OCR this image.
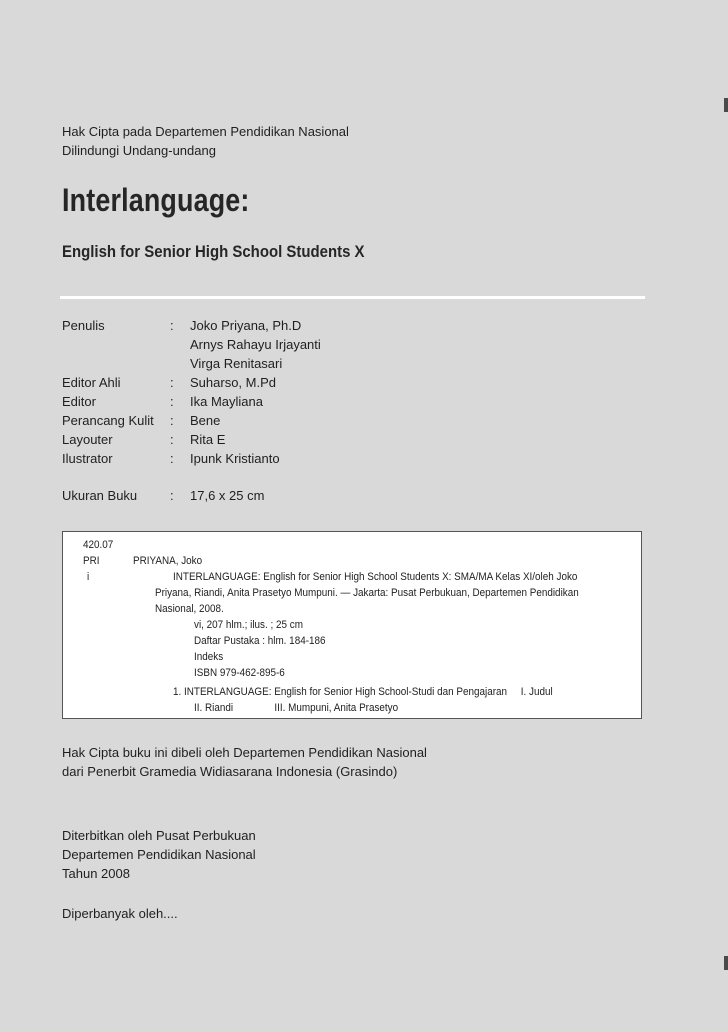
Hak Cipta pada Departemen Pendidikan Nasional
Dilindungi Undang-undang
Interlanguage:
English for Senior High School Students X
Penulis	:	Joko Priyana, Ph.D
Arnys Rahayu Irjayanti
Virga Renitasari
Editor Ahli	:	Suharso, M.Pd
Editor	:	Ika Mayliana
Perancang Kulit	:	Bene
Layouter	:	Rita E
Ilustrator	:	Ipunk Kristianto
Ukuran Buku	:	17,6 x 25 cm
420.07
PRI	PRIYANA, Joko
i	INTERLANGUAGE: English for Senior High School Students X: SMA/MA Kelas XI/oleh Joko
Priyana, Riandi, Anita Prasetyo Mumpuni. — Jakarta: Pusat Perbukuan, Departemen Pendidikan
Nasional, 2008.
vi, 207 hlm.; ilus. ; 25 cm
Daftar Pustaka : hlm. 184-186
Indeks
ISBN 979-462-895-6
1. INTERLANGUAGE: English for Senior High School-Studi dan Pengajaran     I. Judul
II. Riandi               III. Mumpuni, Anita Prasetyo
Hak Cipta buku ini dibeli oleh Departemen Pendidikan Nasional
dari Penerbit Gramedia Widiasarana Indonesia (Grasindo)
Diterbitkan oleh Pusat Perbukuan
Departemen Pendidikan Nasional
Tahun 2008
Diperbanyak oleh....
